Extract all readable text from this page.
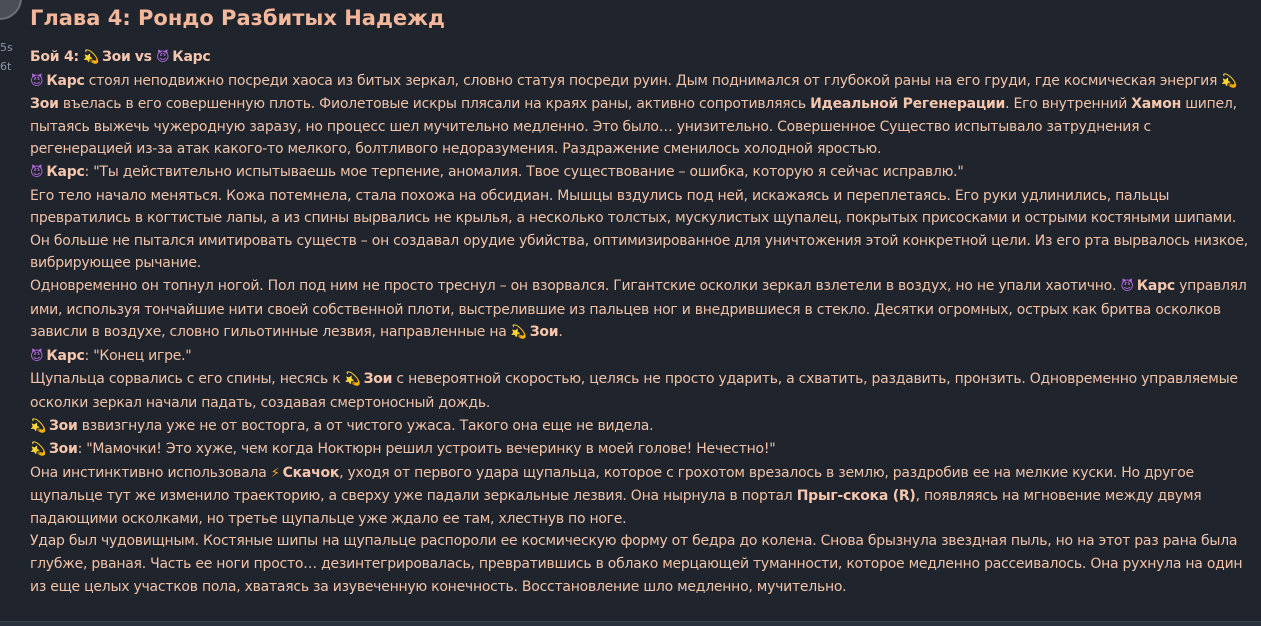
5s
6t
Глава 4: Рондо Разбитых Надежд

Бой 4: 💫 Зои vs 😈 Карс

😈 Карс стоял неподвижно посреди хаоса из битых зеркал, словно статуя посреди руин. Дым поднимался от глубокой раны на его груди, где космическая энергия 💫Зои въелась в его совершенную плоть. Фиолетовые искры плясали на краях раны, активно сопротивляясь Идеальной Регенерации. Его внутренний Хамон шипел, пытаясь выжечь чужеродную заразу, но процесс шел мучительно медленно. Это было… унизительно. Совершенное Существо испытывало затруднения с регенерацией из-за атак какого-то мелкого, болтливого недоразумения. Раздражение сменилось холодной яростью.

😈 Карс: "Ты действительно испытываешь мое терпение, аномалия. Твое существование – ошибка, которую я сейчас исправлю."

Его тело начало меняться. Кожа потемнела, стала похожа на обсидиан. Мышцы вздулись под ней, искажаясь и переплетаясь. Его руки удлинились, пальцы превратились в когтистые лапы, а из спины вырвались не крылья, а несколько толстых, мускулистых щупалец, покрытых присосками и острыми костяными шипами. Он больше не пытался имитировать существ – он создавал орудие убийства, оптимизированное для уничтожения этой конкретной цели. Из его рта вырвалось низкое, вибрирующее рычание.

Одновременно он топнул ногой. Пол под ним не просто треснул – он взорвался. Гигантские осколки зеркал взлетели в воздух, но не упали хаотично. 😈 Карс управлял ими, используя тончайшие нити своей собственной плоти, выстрелившие из пальцев ног и внедрившиеся в стекло. Десятки огромных, острых как бритва осколков зависли в воздухе, словно гильотинные лезвия, направленные на 💫 Зои.

😈 Карс: "Конец игре."

Щупальца сорвались с его спины, несясь к 💫 Зои с невероятной скоростью, целясь не просто ударить, а схватить, раздавить, пронзить. Одновременно управляемые осколки зеркал начали падать, создавая смертоносный дождь.

💫 Зои взвизгнула уже не от восторга, а от чистого ужаса. Такого она еще не видела.

💫 Зои: "Мамочки! Это хуже, чем когда Ноктюрн решил устроить вечеринку в моей голове! Нечестно!"

Она инстинктивно использовала ⚡ Скачок, уходя от первого удара щупальца, которое с грохотом врезалось в землю, раздробив ее на мелкие куски. Но другое щупальце тут же изменило траекторию, а сверху уже падали зеркальные лезвия. Она нырнула в портал Прыг-скока (R), появляясь на мгновение между двумя падающими осколками, но третье щупальце уже ждало ее там, хлестнув по ноге.

Удар был чудовищным. Костяные шипы на щупальце распороли ее космическую форму от бедра до колена. Снова брызнула звездная пыль, но на этот раз рана была глубже, рваная. Часть ее ноги просто… дезинтегрировалась, превратившись в облако мерцающей туманности, которое медленно рассеивалось. Она рухнула на один из еще целых участков пола, хватаясь за изувеченную конечность. Восстановление шло медленно, мучительно.
